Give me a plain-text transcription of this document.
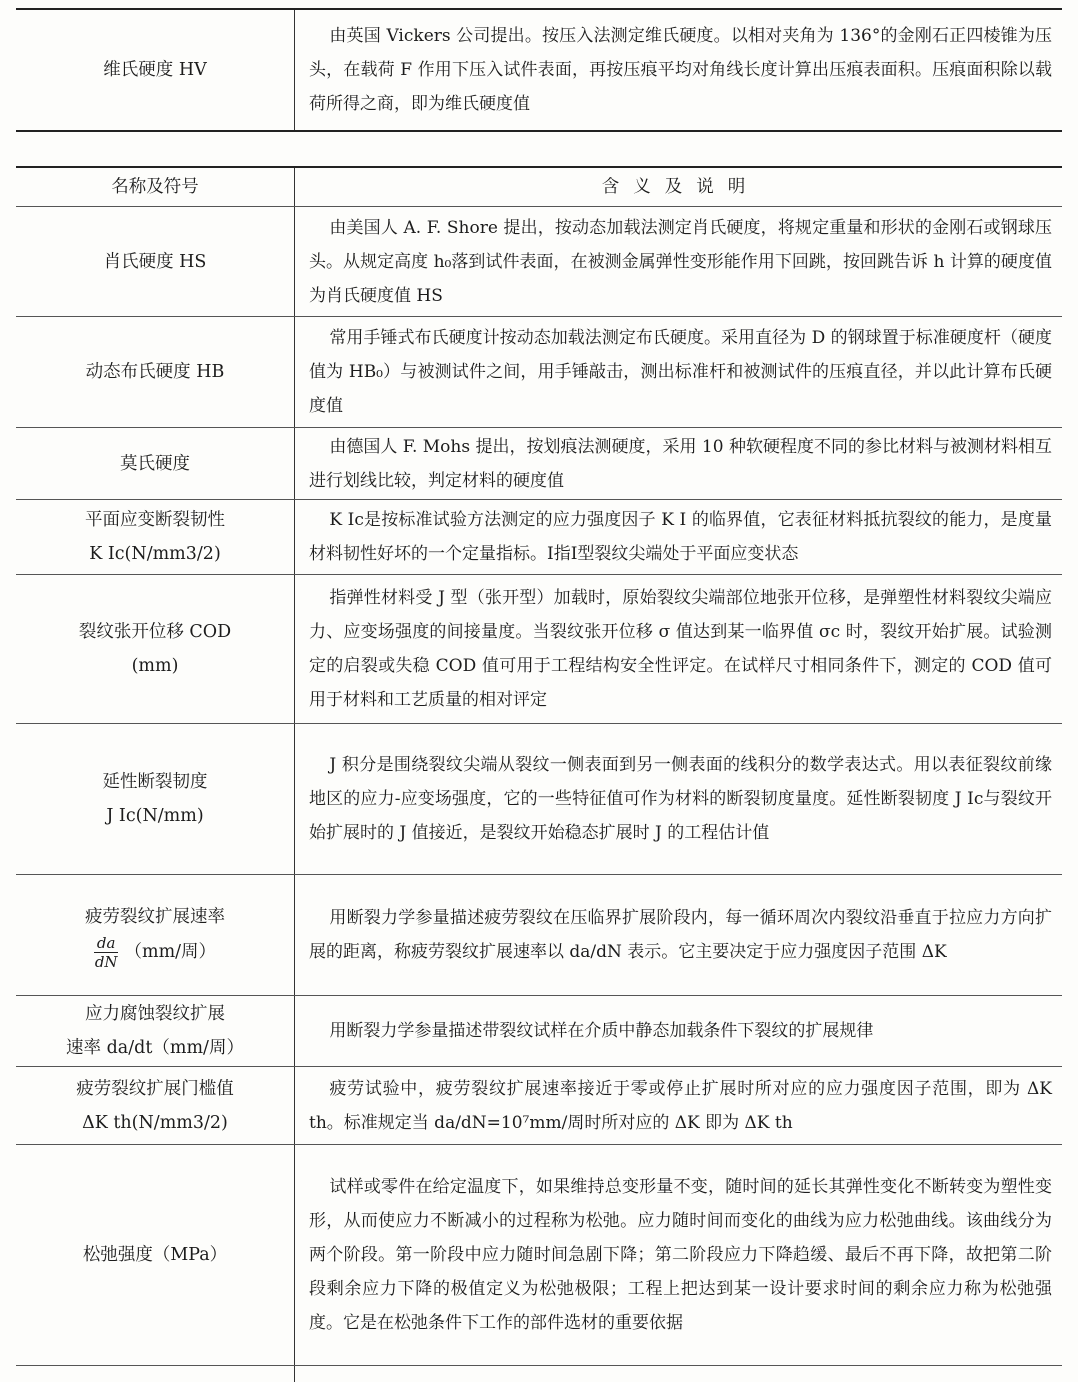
维氏硬度 HV
由英国 Vickers 公司提出。按压入法测定维氏硬度。以相对夹角为 136°的金刚石正四棱锥为压头，在载荷 F 作用下压入试件表面，再按压痕平均对角线长度计算出压痕表面积。压痕面积除以载荷所得之商，即为维氏硬度值
名称及符号	含义及说明
肖氏硬度 HS
由美国人 A. F. Shore 提出，按动态加载法测定肖氏硬度，将规定重量和形状的金刚石或钢球压头。从规定高度 h₀落到试件表面，在被测金属弹性变形能作用下回跳，按回跳告诉 h 计算的硬度值为肖氏硬度值 HS
动态布氏硬度 HB
常用手锤式布氏硬度计按动态加载法测定布氏硬度。采用直径为 D 的钢球置于标准硬度杆（硬度值为 HB₀）与被测试件之间，用手锤敲击，测出标准杆和被测试件的压痕直径，并以此计算布氏硬度值
莫氏硬度
由德国人 F. Mohs 提出，按划痕法测硬度，采用 10 种软硬程度不同的参比材料与被测材料相互进行划线比较，判定材料的硬度值
平面应变断裂韧性
K Ic(N/mm3/2)
K Ic是按标准试验方法测定的应力强度因子 K I 的临界值，它表征材料抵抗裂纹的能力，是度量材料韧性好坏的一个定量指标。Ⅰ指Ⅰ型裂纹尖端处于平面应变状态
裂纹张开位移 COD
(mm)
指弹性材料受 J 型（张开型）加载时，原始裂纹尖端部位地张开位移，是弹塑性材料裂纹尖端应力、应变场强度的间接量度。当裂纹张开位移 σ 值达到某一临界值 σc 时，裂纹开始扩展。试验测定的启裂或失稳 COD 值可用于工程结构安全性评定。在试样尺寸相同条件下，测定的 COD 值可用于材料和工艺质量的相对评定
延性断裂韧度
J Ic(N/mm)
J 积分是围绕裂纹尖端从裂纹一侧表面到另一侧表面的线积分的数学表达式。用以表征裂纹前缘地区的应力-应变场强度，它的一些特征值可作为材料的断裂韧度量度。延性断裂韧度 J Ic与裂纹开始扩展时的 J 值接近，是裂纹开始稳态扩展时 J 的工程估计值
疲劳裂纹扩展速率
$\frac{da}{dN} (mm/$周）
用断裂力学参量描述疲劳裂纹在压临界扩展阶段内，每一循环周次内裂纹沿垂直于拉应力方向扩展的距离，称疲劳裂纹扩展速率以 da/dN 表示。它主要决定于应力强度因子范围 ΔK
应力腐蚀裂纹扩展
速率 da/dt（mm/周）
用断裂力学参量描述带裂纹试样在介质中静态加载条件下裂纹的扩展规律
疲劳裂纹扩展门槛值
ΔK th(N/mm3/2)
疲劳试验中，疲劳裂纹扩展速率接近于零或停止扩展时所对应的应力强度因子范围，即为 ΔK th。标准规定当 da/dN=10⁷mm/周时所对应的 ΔK 即为 ΔK th
松弛强度（MPa）
试样或零件在给定温度下，如果维持总变形量不变，随时间的延长其弹性变化不断转变为塑性变形，从而使应力不断减小的过程称为松弛。应力随时间而变化的曲线为应力松弛曲线。该曲线分为两个阶段。第一阶段中应力随时间急剧下降；第二阶段应力下降趋缓、最后不再下降，故把第二阶段剩余应力下降的极值定义为松弛极限；工程上把达到某一设计要求时间的剩余应力称为松弛强度。它是在松弛条件下工作的部件选材的重要依据
